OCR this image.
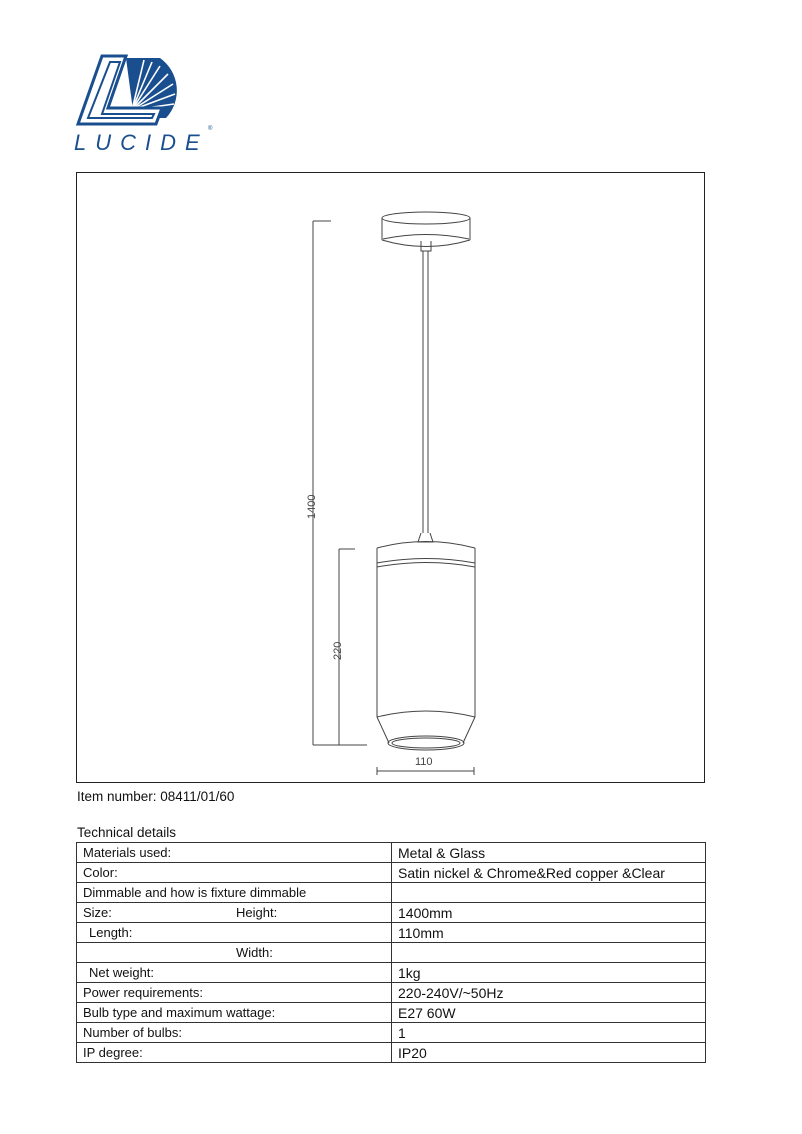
LUCIDE
®
1400
220
110
Item number: 08411/01/60
Technical details
Materials used:	Metal & Glass
Color:	Satin nickel & Chrome&Red copper &Clear
Dimmable and how is fixture dimmable	
Size: Height:	1400mm
Length:	110mm
Width:	
Net weight:	1kg
Power requirements:	220-240V/~50Hz
Bulb type and maximum wattage:	E27 60W
Number of bulbs:	1
IP degree:	IP20
